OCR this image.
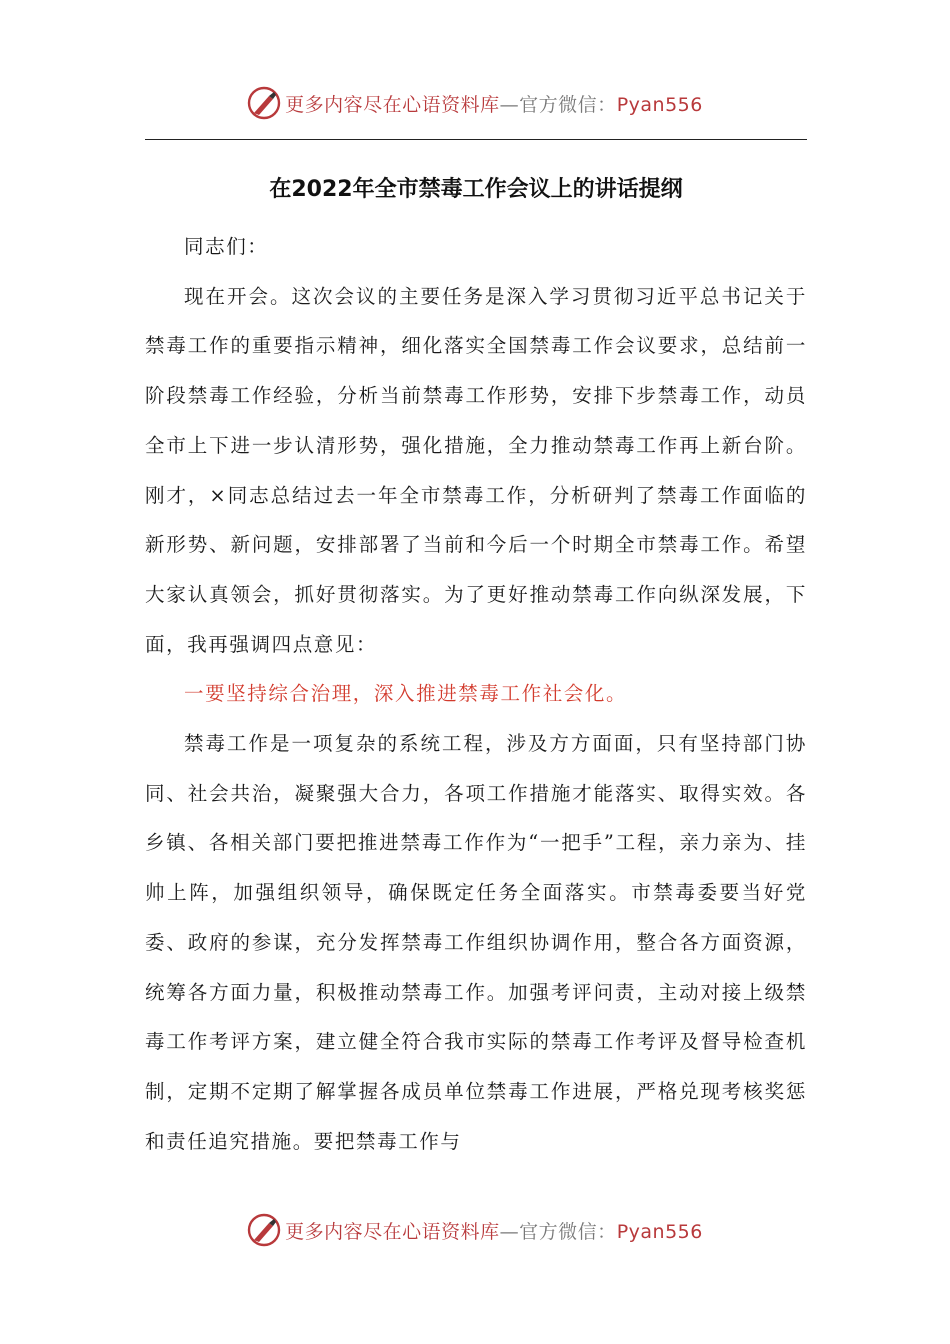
更多内容尽在心语资料库—官方微信：Pyan556
在2022年全市禁毒工作会议上的讲话提纲

同志们：

现在开会。这次会议的主要任务是深入学习贯彻习近平总书记关于禁毒工作的重要指示精神，细化落实全国禁毒工作会议要求，总结前一阶段禁毒工作经验，分析当前禁毒工作形势，安排下步禁毒工作，动员全市上下进一步认清形势，强化措施，全力推动禁毒工作再上新台阶。刚才，×同志总结过去一年全市禁毒工作，分析研判了禁毒工作面临的新形势、新问题，安排部署了当前和今后一个时期全市禁毒工作。希望大家认真领会，抓好贯彻落实。为了更好推动禁毒工作向纵深发展，下面，我再强调四点意见：

一要坚持综合治理，深入推进禁毒工作社会化。

禁毒工作是一项复杂的系统工程，涉及方方面面，只有坚持部门协同、社会共治，凝聚强大合力，各项工作措施才能落实、取得实效。各乡镇、各相关部门要把推进禁毒工作作为“一把手”工程，亲力亲为、挂帅上阵，加强组织领导，确保既定任务全面落实。市禁毒委要当好党委、政府的参谋，充分发挥禁毒工作组织协调作用，整合各方面资源，统筹各方面力量，积极推动禁毒工作。加强考评问责，主动对接上级禁毒工作考评方案，建立健全符合我市实际的禁毒工作考评及督导检查机制，定期不定期了解掌握各成员单位禁毒工作进展，严格兑现考核奖惩和责任追究措施。要把禁毒工作与

更多内容尽在心语资料库—官方微信：Pyan556
